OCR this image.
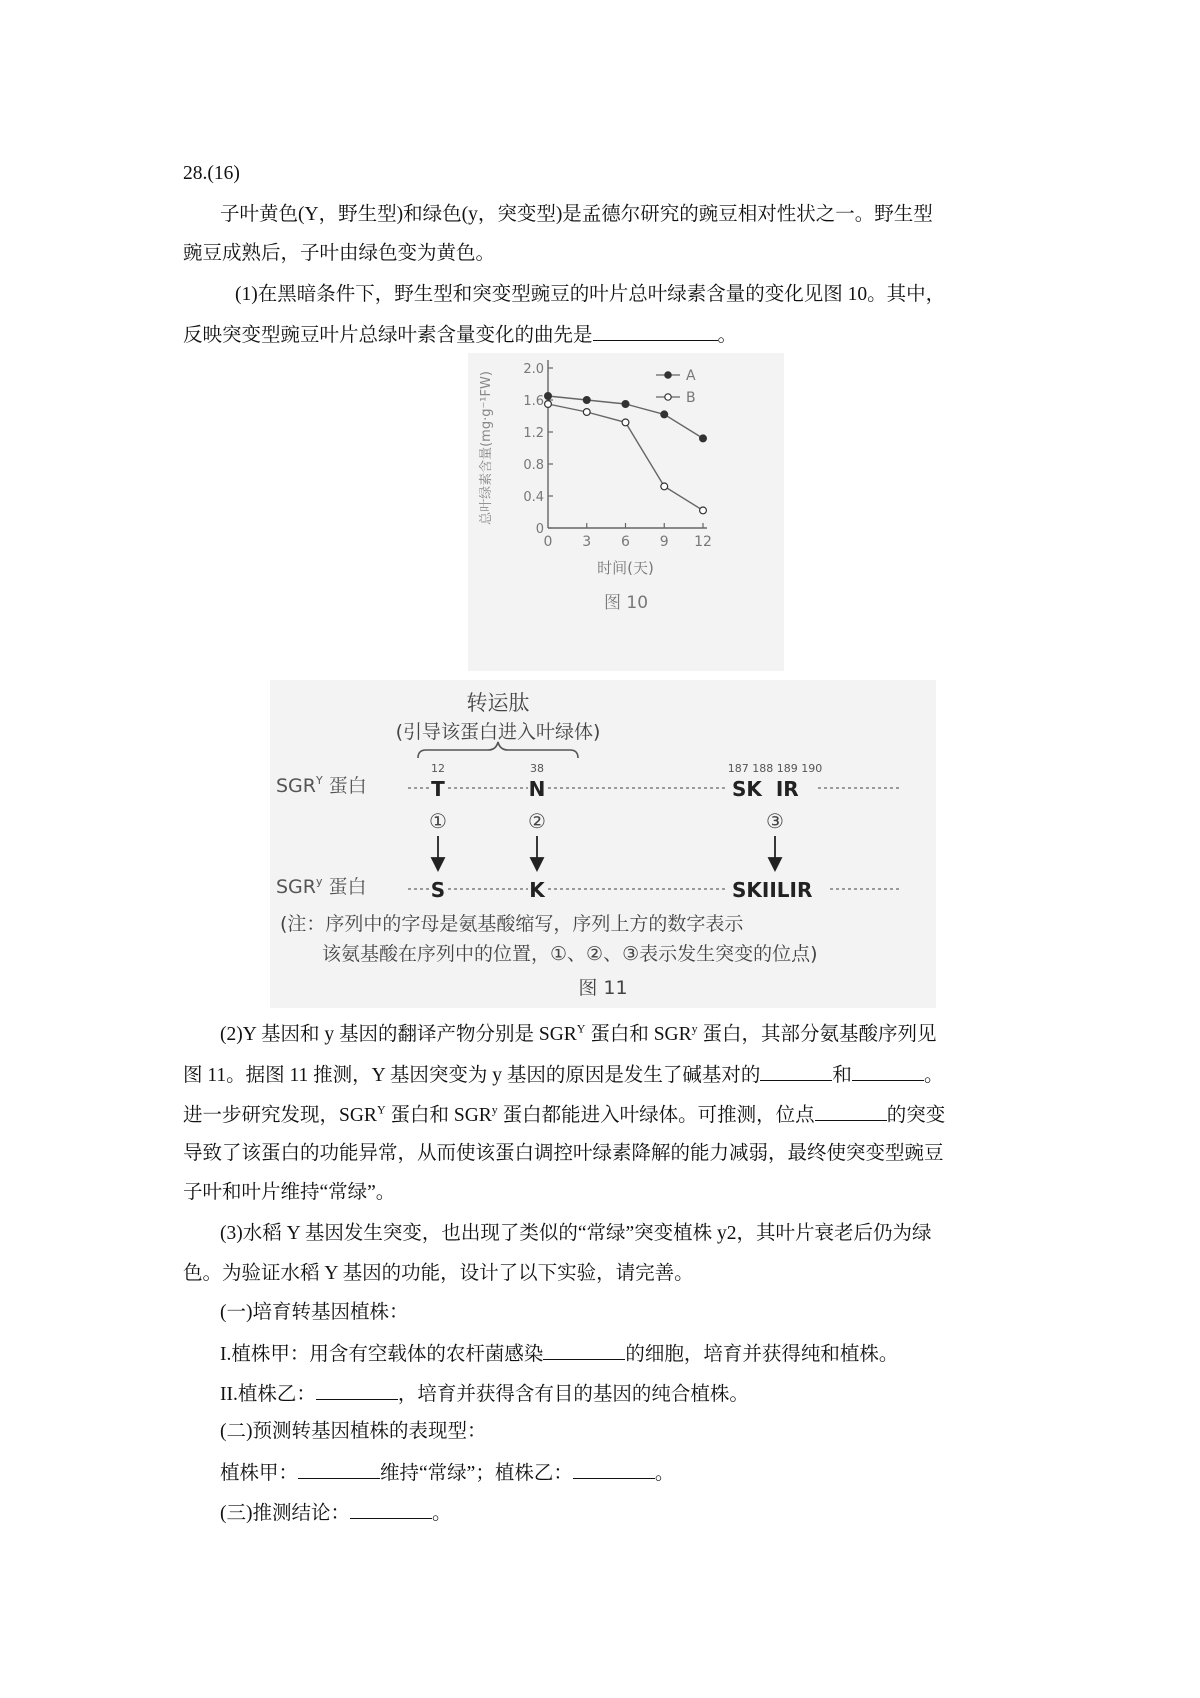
28.(16)
子叶黄色(Y，野生型)和绿色(y，突变型)是孟德尔研究的豌豆相对性状之一。野生型
豌豆成熟后，子叶由绿色变为黄色。
(1)在黑暗条件下，野生型和突变型豌豆的叶片总叶绿素含量的变化见图 10。其中，
反映突变型豌豆叶片总绿叶素含量变化的曲先是	。
0
0.4
0.8
1.2
1.6
2.0
0 3 6 9 12
时间(天)
总叶绿素含量(mg·g⁻¹FW)	A
B
图 10
转运肽
(引导该蛋白进入叶绿体)
12	38	187 188 189 190
$SGR^Y$ 蛋白	T	N	SK  IR
①	②	③
SGR$^y$ 蛋白	S	K	SKIILIR
(注：序列中的字母是氨基酸缩写，序列上方的数字表示
该氨基酸在序列中的位置，①、②、③表示发生突变的位点)
图 11
(2)Y 基因和 y 基因的翻译产物分别是 $SGR^Y$ 蛋白和 SGR$^y$ 蛋白，其部分氨基酸序列见
图 11。据图 11 推测，Y 基因突变为 y 基因的原因是发生了碱基对的	和	。
进一步研究发现，$SGR^Y$ 蛋白和 SGR$^y$ 蛋白都能进入叶绿体。可推测，位点	的突变
导致了该蛋白的功能异常，从而使该蛋白调控叶绿素降解的能力减弱，最终使突变型豌豆
子叶和叶片维持“常绿”。
(3)水稻 Y 基因发生突变，也出现了类似的“常绿”突变植株 y2，其叶片衰老后仍为绿
色。为验证水稻 Y 基因的功能，设计了以下实验，请完善。
(一)培育转基因植株：
I.植株甲：用含有空载体的农杆菌感染	的细胞，培育并获得纯和植株。
II.植株乙：	，培育并获得含有目的基因的纯合植株。
(二)预测转基因植株的表现型：
植株甲：	维持“常绿”；植株乙：	。
(三)推测结论：	。
